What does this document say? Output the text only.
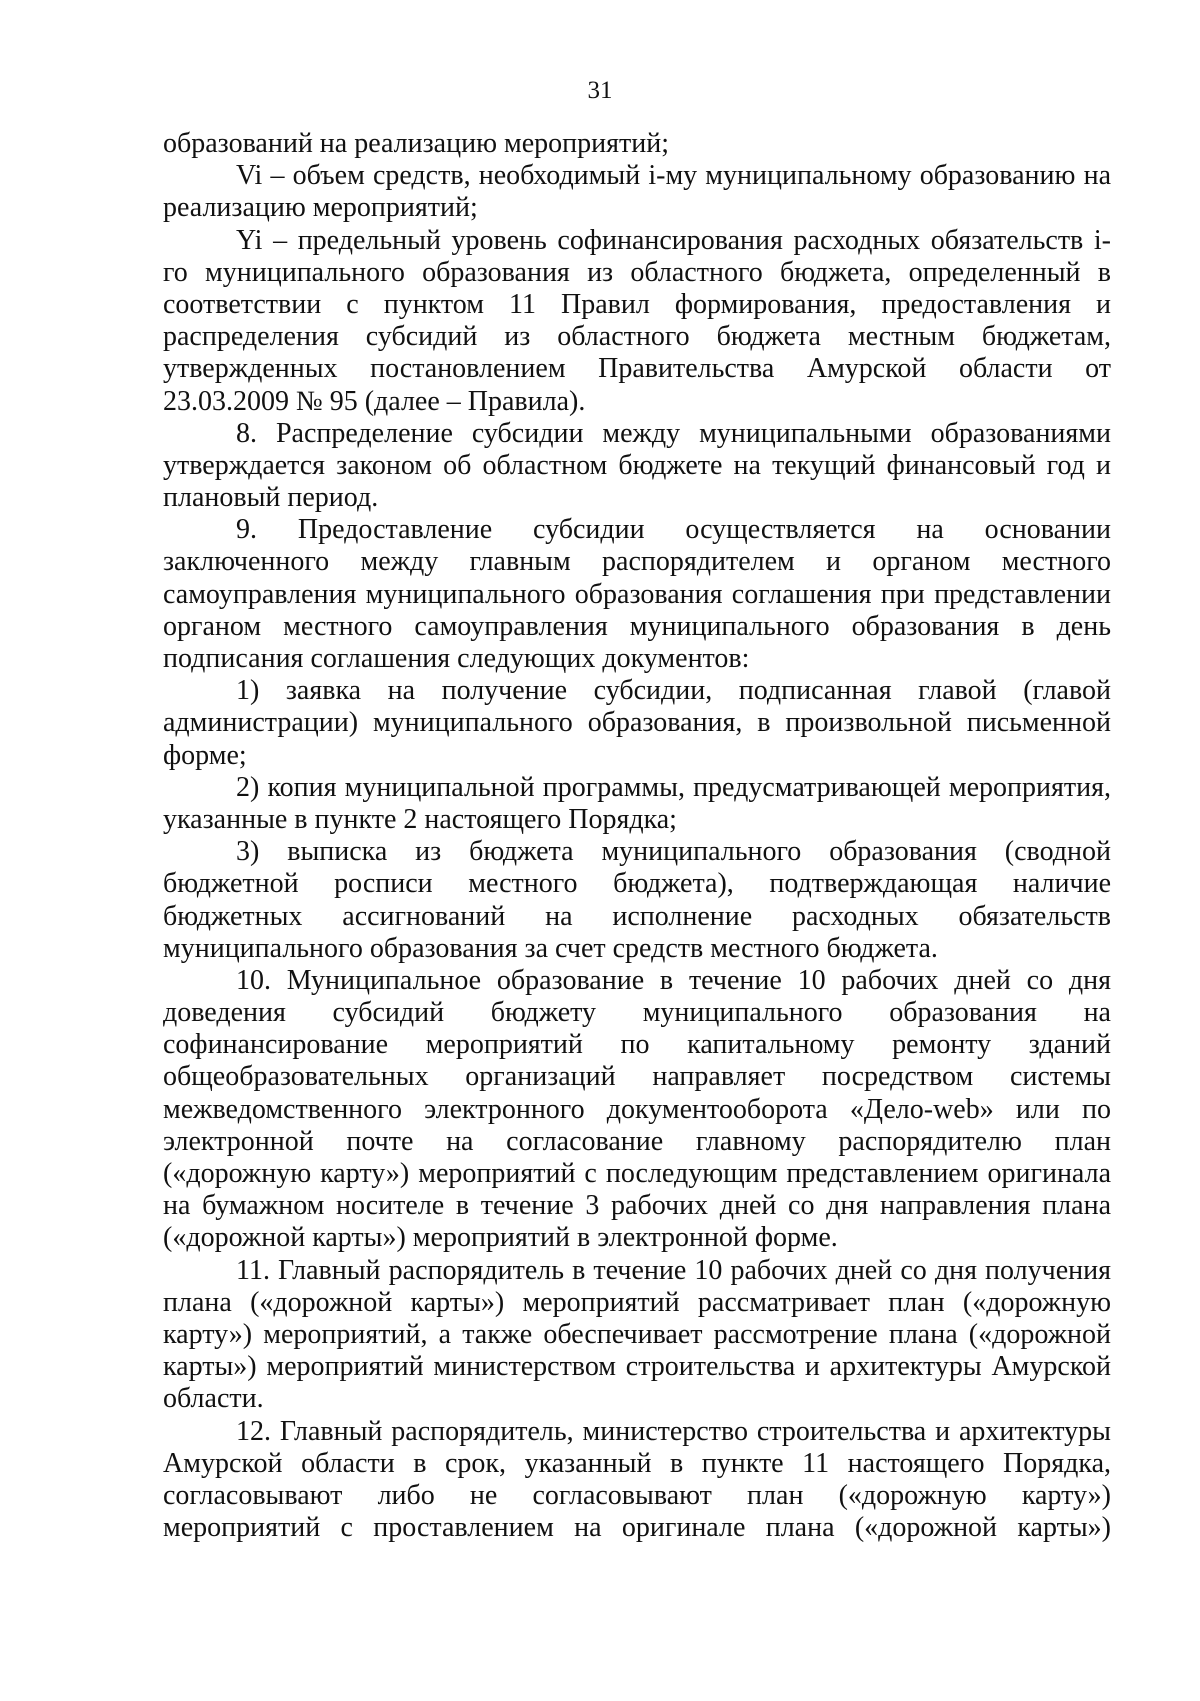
31
образований на реализацию мероприятий;
Vi – объем средств, необходимый i-му муниципальному образованию на
реализацию мероприятий;
Yi – предельный уровень софинансирования расходных обязательств i-
го муниципального образования из областного бюджета, определенный в
соответствии с пунктом 11 Правил формирования, предоставления и
распределения субсидий из областного бюджета местным бюджетам,
утвержденных постановлением Правительства Амурской области от
23.03.2009 № 95 (далее – Правила).
8. Распределение субсидии между муниципальными образованиями
утверждается законом об областном бюджете на текущий финансовый год и
плановый период.
9. Предоставление субсидии осуществляется на основании
заключенного между главным распорядителем и органом местного
самоуправления муниципального образования соглашения при представлении
органом местного самоуправления муниципального образования в день
подписания соглашения следующих документов:
1) заявка на получение субсидии, подписанная главой (главой
администрации) муниципального образования, в произвольной письменной
форме;
2) копия муниципальной программы, предусматривающей мероприятия,
указанные в пункте 2 настоящего Порядка;
3) выписка из бюджета муниципального образования (сводной
бюджетной росписи местного бюджета), подтверждающая наличие
бюджетных ассигнований на исполнение расходных обязательств
муниципального образования за счет средств местного бюджета.
10. Муниципальное образование в течение 10 рабочих дней со дня
доведения субсидий бюджету муниципального образования на
софинансирование мероприятий по капитальному ремонту зданий
общеобразовательных организаций направляет посредством системы
межведомственного электронного документооборота «Дело-web» или по
электронной почте на согласование главному распорядителю план
(«дорожную карту») мероприятий с последующим представлением оригинала
на бумажном носителе в течение 3 рабочих дней со дня направления плана
(«дорожной карты») мероприятий в электронной форме.
11. Главный распорядитель в течение 10 рабочих дней со дня получения
плана («дорожной карты») мероприятий рассматривает план («дорожную
карту») мероприятий, а также обеспечивает рассмотрение плана («дорожной
карты») мероприятий министерством строительства и архитектуры Амурской
области.
12. Главный распорядитель, министерство строительства и архитектуры
Амурской области в срок, указанный в пункте 11 настоящего Порядка,
согласовывают либо не согласовывают план («дорожную карту»)
мероприятий с проставлением на оригинале плана («дорожной карты»)
